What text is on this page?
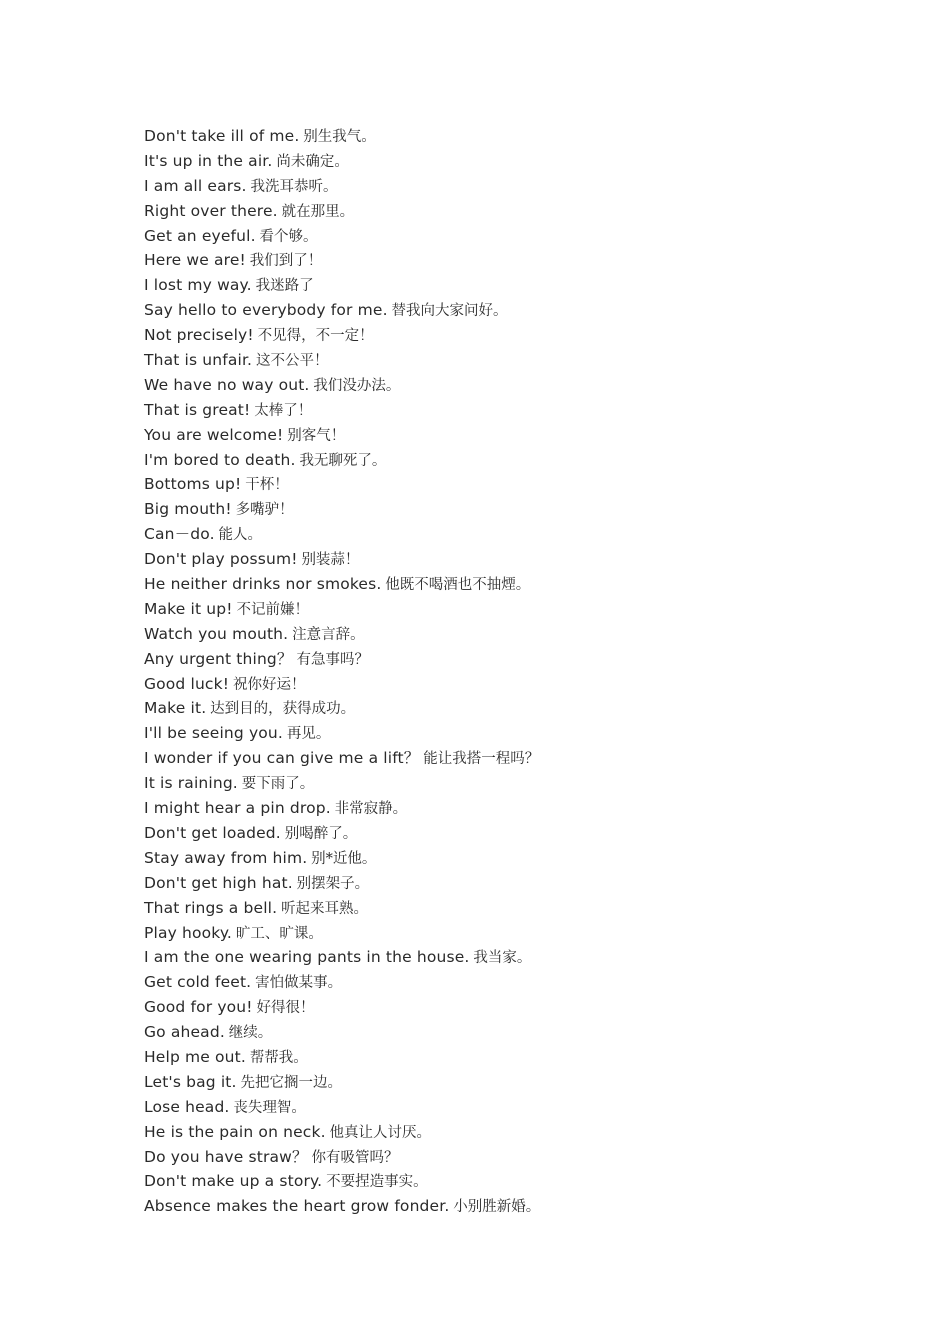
Don't take ill of me. 别生我气。
It's up in the air. 尚未确定。
I am all ears. 我洗耳恭听。
Right over there. 就在那里。
Get an eyeful. 看个够。
Here we are! 我们到了！
I lost my way. 我迷路了
Say hello to everybody for me. 替我向大家问好。
Not precisely! 不见得，不一定！
That is unfair. 这不公平！
We have no way out. 我们没办法。
That is great! 太棒了！
You are welcome! 别客气！
I'm bored to death. 我无聊死了。
Bottoms up! 干杯！
Big mouth! 多嘴驴！
Can－do. 能人。
Don't play possum! 别装蒜！
He neither drinks nor smokes. 他既不喝酒也不抽煙。
Make it up! 不记前嫌！
Watch you mouth. 注意言辞。
Any urgent thing？ 有急事吗？
Good luck! 祝你好运！
Make it. 达到目的，获得成功。
I'll be seeing you. 再见。
I wonder if you can give me a lift？ 能让我搭一程吗？
It is raining. 要下雨了。
I might hear a pin drop. 非常寂静。
Don't get loaded. 别喝醉了。
Stay away from him. 别*近他。
Don't get high hat. 别摆架子。
That rings a bell. 听起来耳熟。
Play hooky. 旷工、旷课。
I am the one wearing pants in the house. 我当家。
Get cold feet. 害怕做某事。
Good for you! 好得很！
Go ahead. 继续。
Help me out. 帮帮我。
Let's bag it. 先把它搁一边。
Lose head. 丧失理智。
He is the pain on neck. 他真让人讨厌。
Do you have straw？ 你有吸管吗？
Don't make up a story. 不要捏造事实。
Absence makes the heart grow fonder. 小别胜新婚。
